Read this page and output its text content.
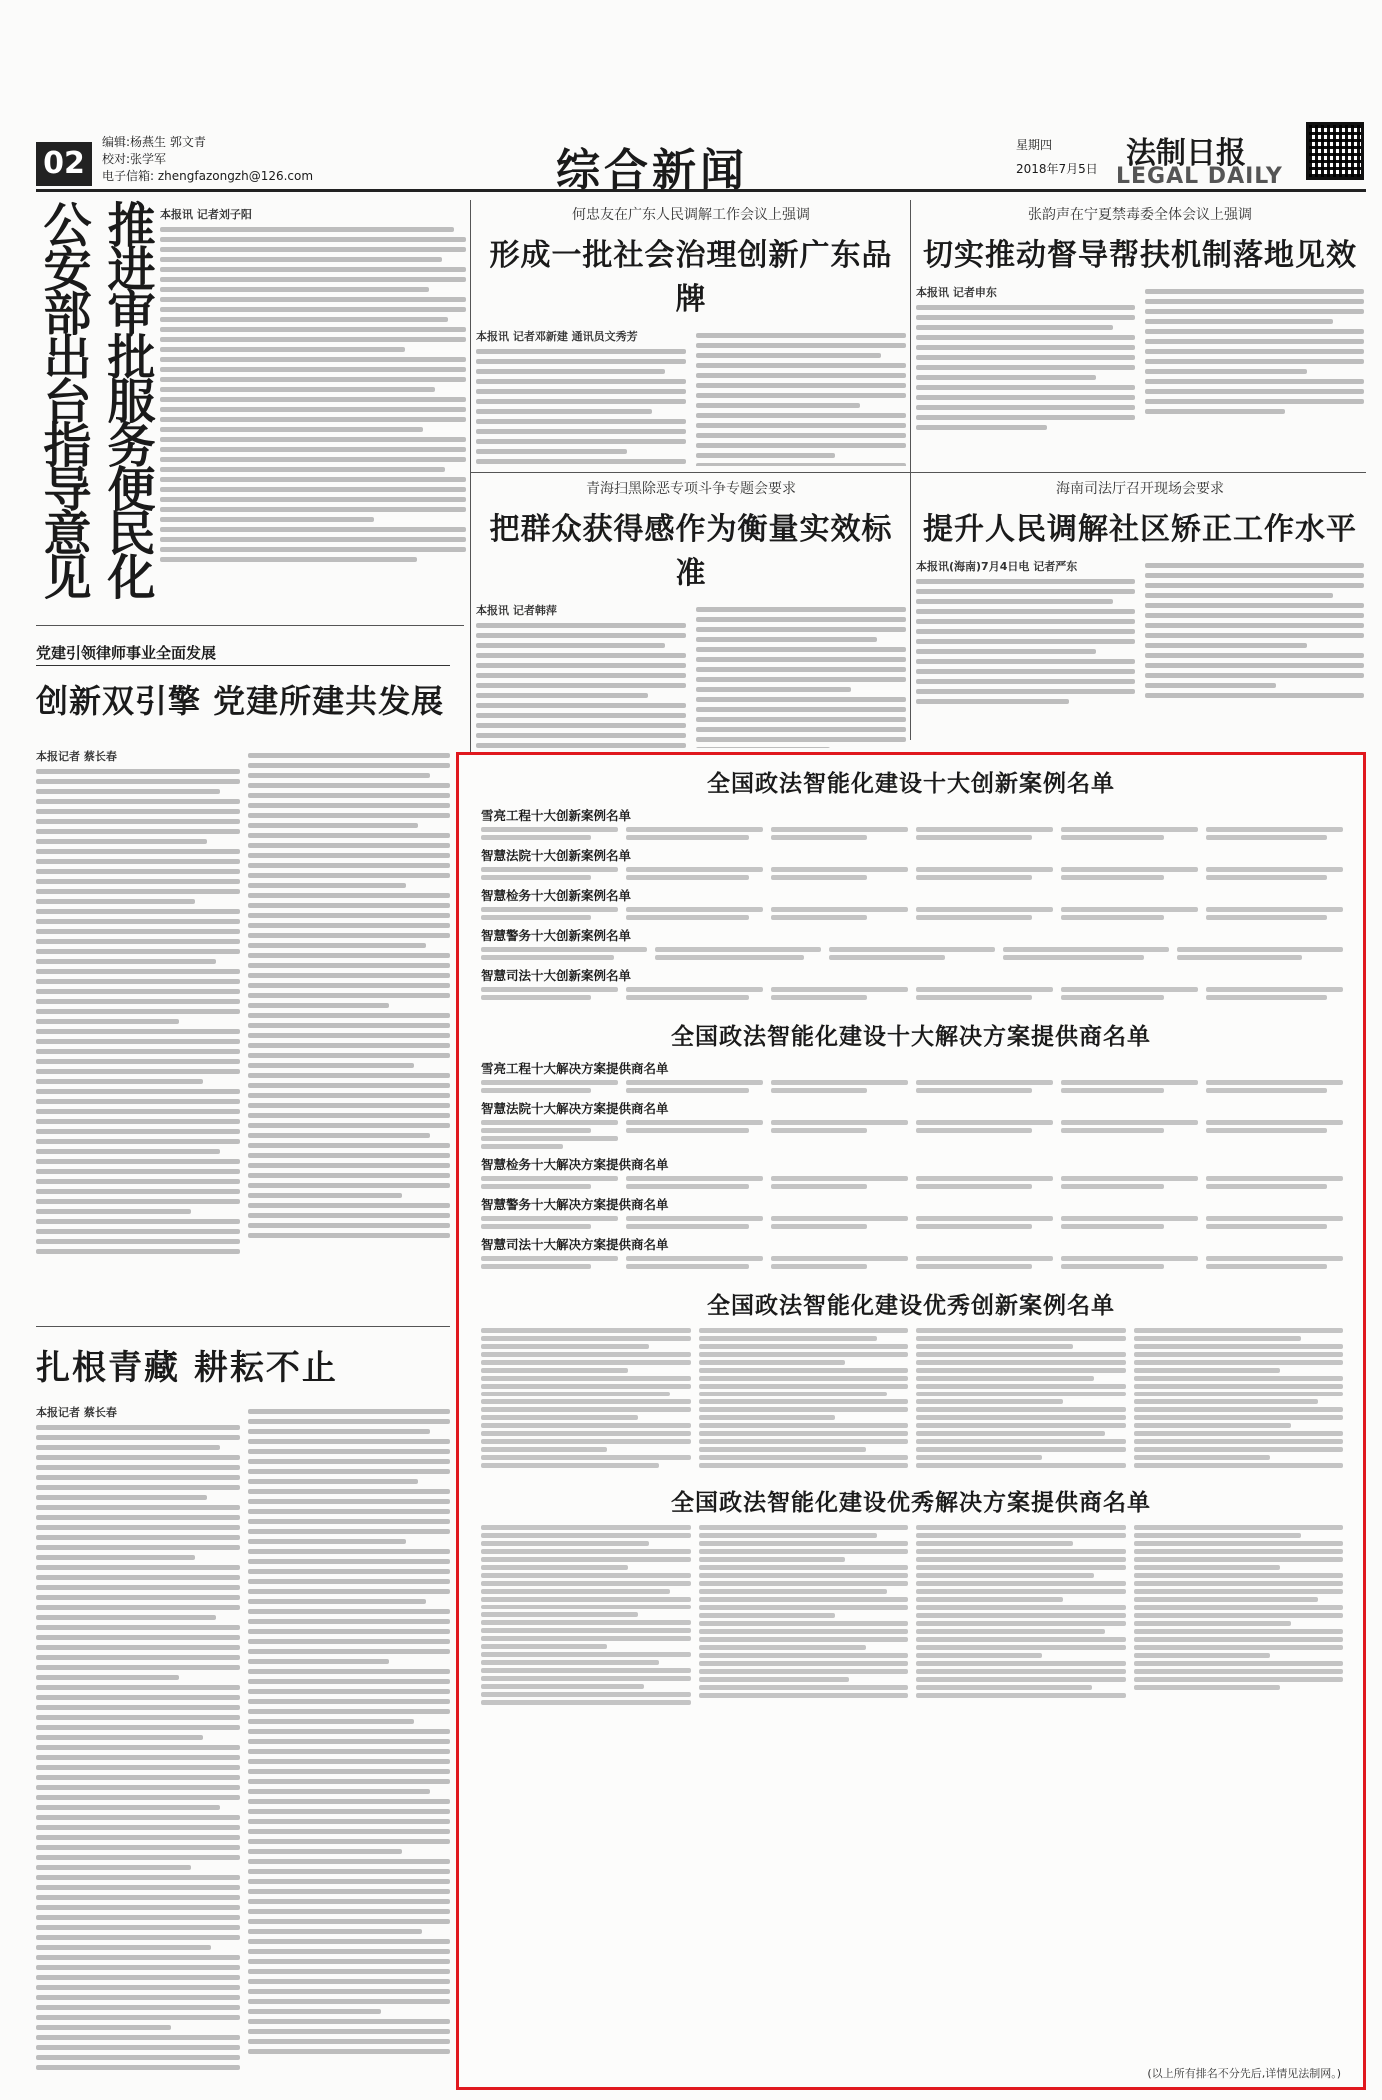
02
编辑:杨燕生 郭文青
校对:张学军
电子信箱: zhengfazongzh@126.com	综合新闻	星期四
2018年7月5日 法制日报
LEGAL DAILY
推进审批服务便民化
公安部出台指导意见	本报讯 记者刘子阳	何忠友在广东人民调解工作会议上强调
形成一批社会治理创新广东品牌
本报讯 记者邓新建 通讯员文秀芳
张韵声在宁夏禁毒委全体会议上强调
切实推动督导帮扶机制落地见效
本报讯 记者申东
青海扫黑除恶专项斗争专题会要求
把群众获得感作为衡量实效标准
本报讯 记者韩萍
海南司法厅召开现场会要求
提升人民调解社区矫正工作水平
本报讯(海南)7月4日电 记者严东
党建引领律师事业全面发展
创新双引擎 党建所建共发展
本报记者 蔡长春
扎根青藏 耕耘不止
本报记者 蔡长春
全国政法智能化建设十大创新案例名单
雪亮工程十大创新案例名单
智慧法院十大创新案例名单
智慧检务十大创新案例名单
智慧警务十大创新案例名单
智慧司法十大创新案例名单
全国政法智能化建设十大解决方案提供商名单
雪亮工程十大解决方案提供商名单
智慧法院十大解决方案提供商名单
智慧检务十大解决方案提供商名单
智慧警务十大解决方案提供商名单
智慧司法十大解决方案提供商名单
全国政法智能化建设优秀创新案例名单
全国政法智能化建设优秀解决方案提供商名单
(以上所有排名不分先后,详情见法制网。)
